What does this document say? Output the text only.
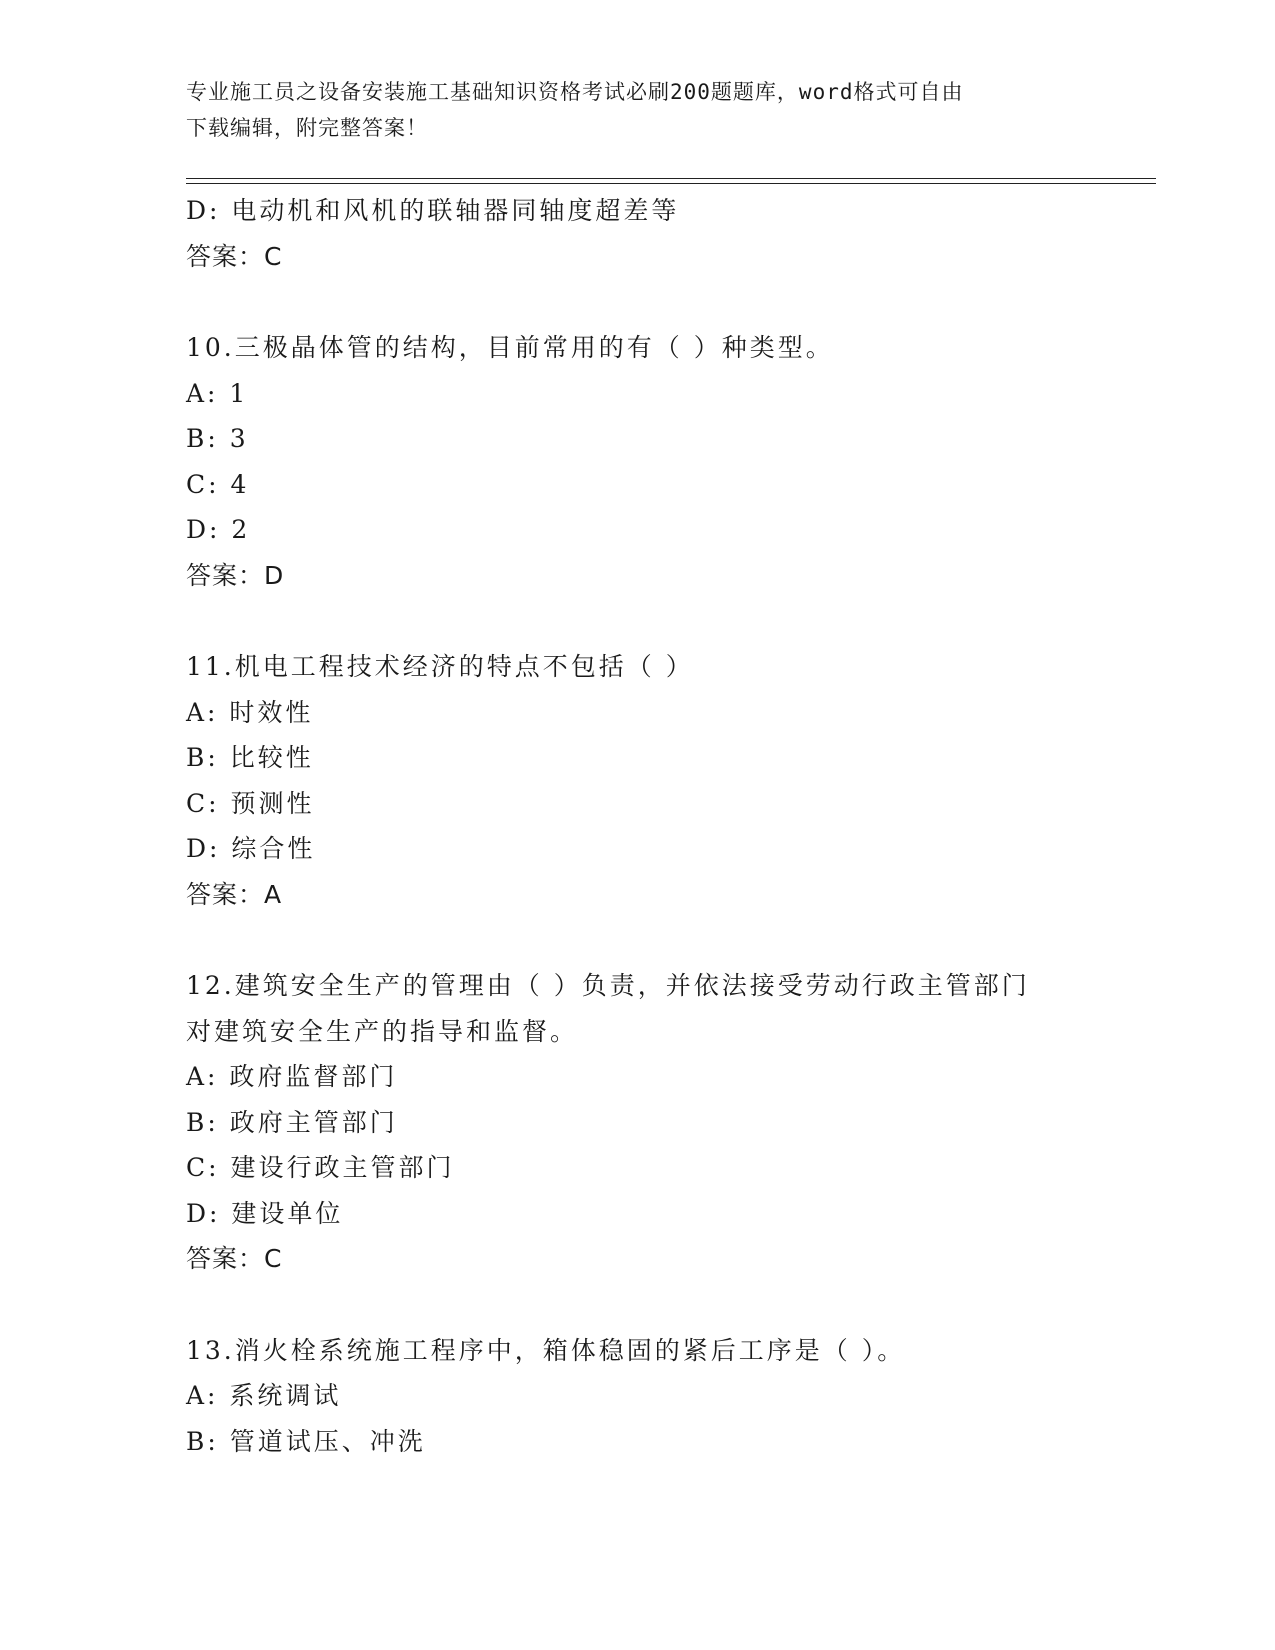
专业施工员之设备安装施工基础知识资格考试必刷200题题库，word格式可自由
下载编辑，附完整答案！
D: 电动机和风机的联轴器同轴度超差等
答案：C
10.三极晶体管的结构，目前常用的有（ ）种类型。
A: 1
B: 3
C: 4
D: 2
答案：D
11.机电工程技术经济的特点不包括（ ）
A: 时效性
B: 比较性
C: 预测性
D: 综合性
答案：A
12.建筑安全生产的管理由（ ）负责，并依法接受劳动行政主管部门
对建筑安全生产的指导和监督。
A: 政府监督部门
B: 政府主管部门
C: 建设行政主管部门
D: 建设单位
答案：C
13.消火栓系统施工程序中，箱体稳固的紧后工序是（ ）。
A: 系统调试
B: 管道试压、冲洗
